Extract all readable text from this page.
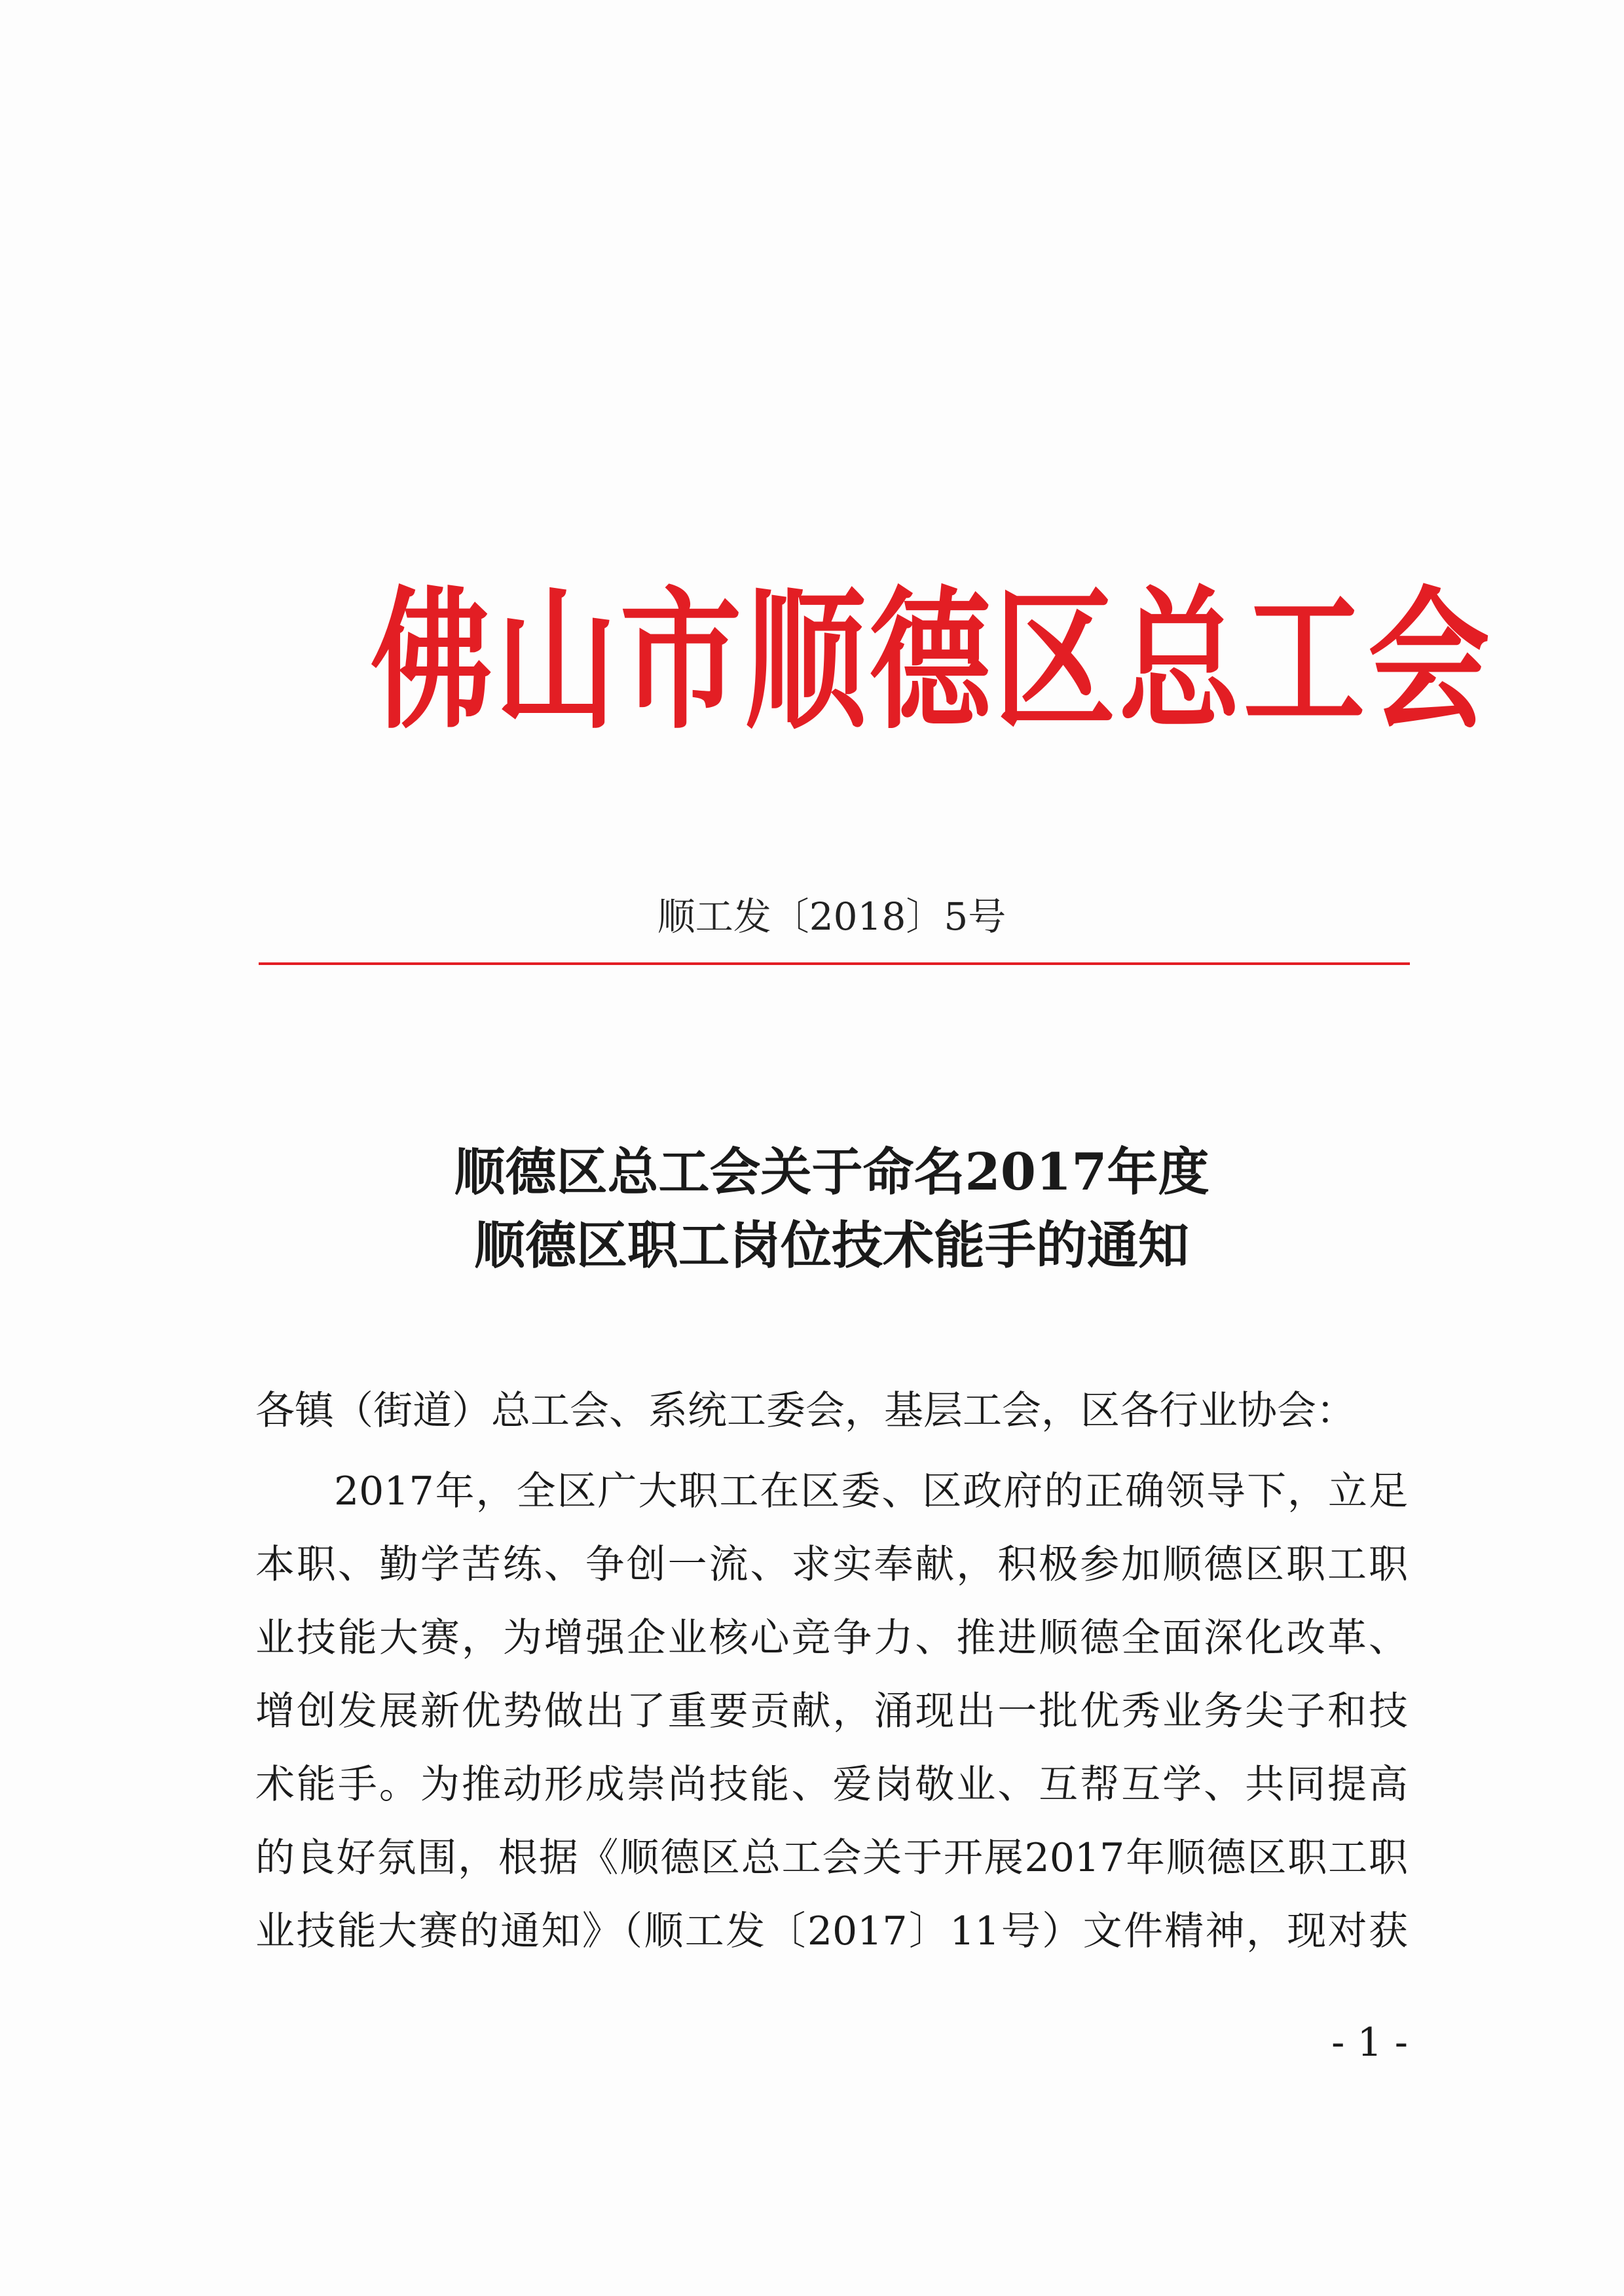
佛山市顺德区总工会
顺工发〔2018〕5号
顺德区总工会关于命名2017年度
顺德区职工岗位技术能手的通知
各镇（街道）总工会、系统工委会，基层工会，区各行业协会：
2017年，全区广大职工在区委、区政府的正确领导下，立足
本职、勤学苦练、争创一流、求实奉献，积极参加顺德区职工职
业技能大赛，为增强企业核心竞争力、推进顺德全面深化改革、
增创发展新优势做出了重要贡献，涌现出一批优秀业务尖子和技
术能手。为推动形成崇尚技能、爱岗敬业、互帮互学、共同提高
的良好氛围，根据《顺德区总工会关于开展2017年顺德区职工职
业技能大赛的通知》（顺工发〔2017〕11号）文件精神，现对获
- 1 -
